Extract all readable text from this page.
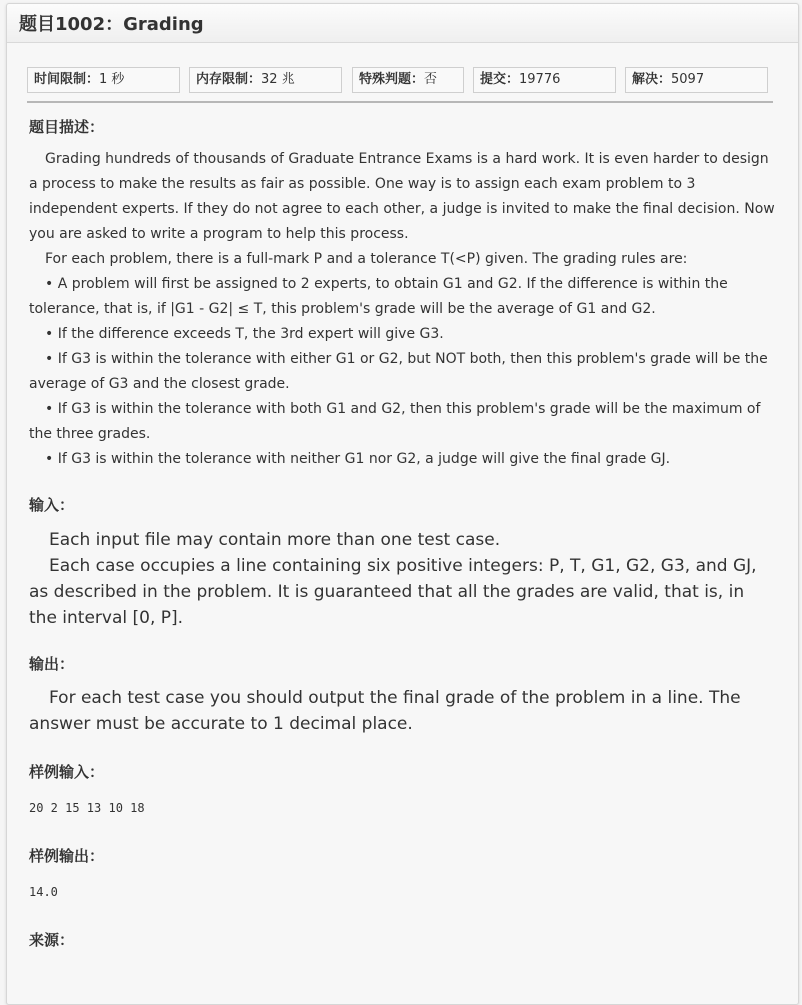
题目1002：Grading
时间限制：1 秒	内存限制：32 兆	特殊判题：否	提交：19776	解决：5097
题目描述：

Grading hundreds of thousands of Graduate Entrance Exams is a hard work. It is even harder to design a process to make the results as fair as possible. One way is to assign each exam problem to 3 independent experts. If they do not agree to each other, a judge is invited to make the final decision. Now you are asked to write a program to help this process.

For each problem, there is a full-mark P and a tolerance T(<P) given. The grading rules are:

• A problem will first be assigned to 2 experts, to obtain G1 and G2. If the difference is within the tolerance, that is, if |G1 - G2| ≤ T, this problem's grade will be the average of G1 and G2.

• If the difference exceeds T, the 3rd expert will give G3.

• If G3 is within the tolerance with either G1 or G2, but NOT both, then this problem's grade will be the average of G3 and the closest grade.

• If G3 is within the tolerance with both G1 and G2, then this problem's grade will be the maximum of the three grades.

• If G3 is within the tolerance with neither G1 nor G2, a judge will give the final grade GJ.

输入：

Each input file may contain more than one test case.

Each case occupies a line containing six positive integers: P, T, G1, G2, G3, and GJ, as described in the problem. It is guaranteed that all the grades are valid, that is, in the interval [0, P].

输出：

For each test case you should output the final grade of the problem in a line. The answer must be accurate to 1 decimal place.

样例输入：
20 2 15 13 10 18
样例输出：
14.0
来源：
